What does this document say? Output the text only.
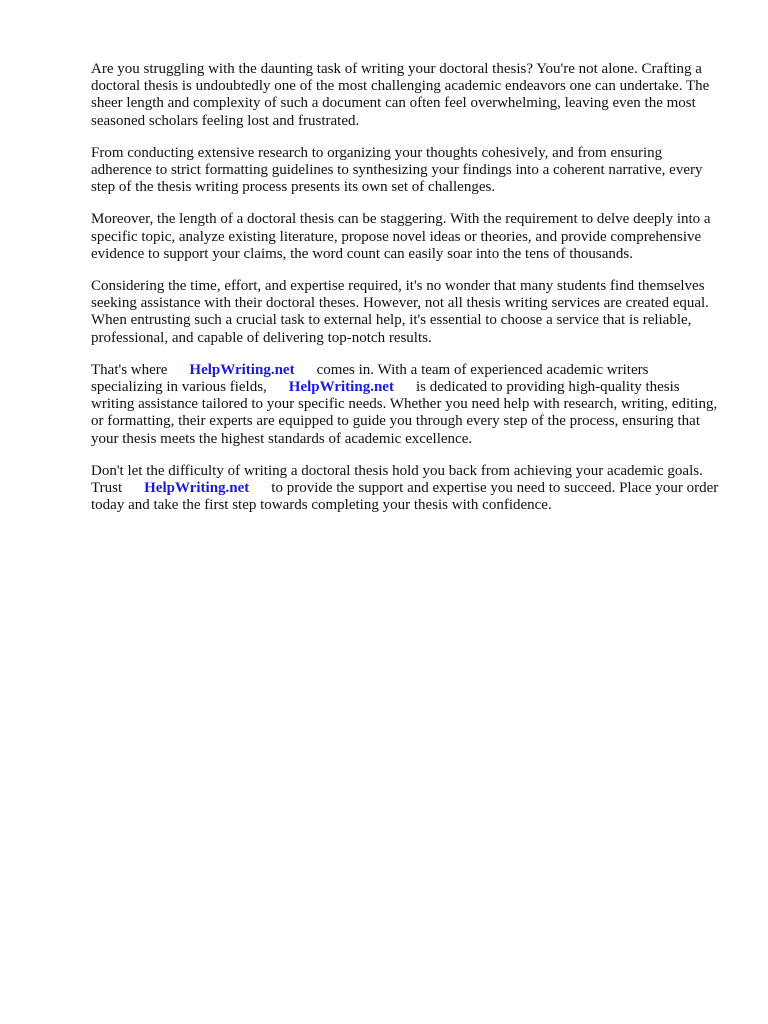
Are you struggling with the daunting task of writing your doctoral thesis? You're not alone. Crafting a doctoral thesis is undoubtedly one of the most challenging academic endeavors one can undertake. The sheer length and complexity of such a document can often feel overwhelming, leaving even the most seasoned scholars feeling lost and frustrated.

From conducting extensive research to organizing your thoughts cohesively, and from ensuring adherence to strict formatting guidelines to synthesizing your findings into a coherent narrative, every step of the thesis writing process presents its own set of challenges.

Moreover, the length of a doctoral thesis can be staggering. With the requirement to delve deeply into a specific topic, analyze existing literature, propose novel ideas or theories, and provide comprehensive evidence to support your claims, the word count can easily soar into the tens of thousands.

Considering the time, effort, and expertise required, it's no wonder that many students find themselves seeking assistance with their doctoral theses. However, not all thesis writing services are created equal. When entrusting such a crucial task to external help, it's essential to choose a service that is reliable, professional, and capable of delivering top-notch results.

That's where HelpWriting.net comes in. With a team of experienced academic writers specializing in various fields, HelpWriting.net is dedicated to providing high-quality thesis writing assistance tailored to your specific needs. Whether you need help with research, writing, editing, or formatting, their experts are equipped to guide you through every step of the process, ensuring that your thesis meets the highest standards of academic excellence.

Don't let the difficulty of writing a doctoral thesis hold you back from achieving your academic goals. Trust HelpWriting.net to provide the support and expertise you need to succeed. Place your order today and take the first step towards completing your thesis with confidence.
